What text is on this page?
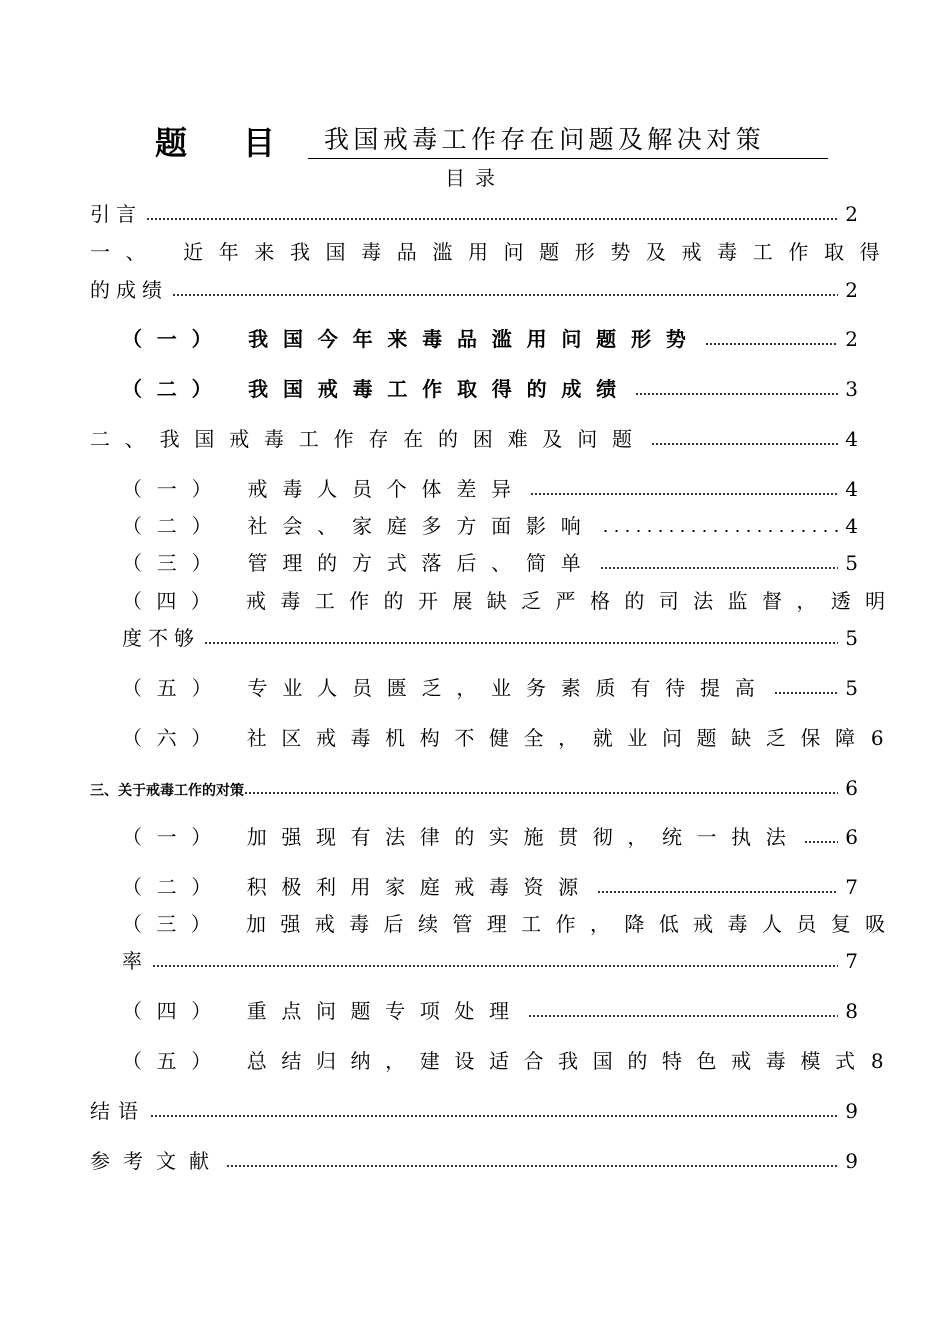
题目
我国戒毒工作存在问题及解决对策
目录
引言	2
一、 近年来我国毒品滥用问题形势及戒毒工作取得
的成绩	2
（一） 我国今年来毒品滥用问题形势	2
（二） 我国戒毒工作取得的成绩	3
二、我国戒毒工作存在的困难及问题	4
（一） 戒毒人员个体差异	4
（二） 社会、家庭多方面影响	4
（三） 管理的方式落后、简单	5
（四） 戒毒工作的开展缺乏严格的司法监督，透明
度不够	5
（五） 专业人员匮乏，业务素质有待提高	5
（六） 社区戒毒机构不健全，就业问题缺乏保障 6
三、关于戒毒工作的对策	6
（一） 加强现有法律的实施贯彻，统一执法 6
（二） 积极利用家庭戒毒资源	7
（三） 加强戒毒后续管理工作，降低戒毒人员复吸
率	7
（四） 重点问题专项处理	8
（五） 总结归纳，建设适合我国的特色戒毒模式 8
结语	9
参考文献	9
